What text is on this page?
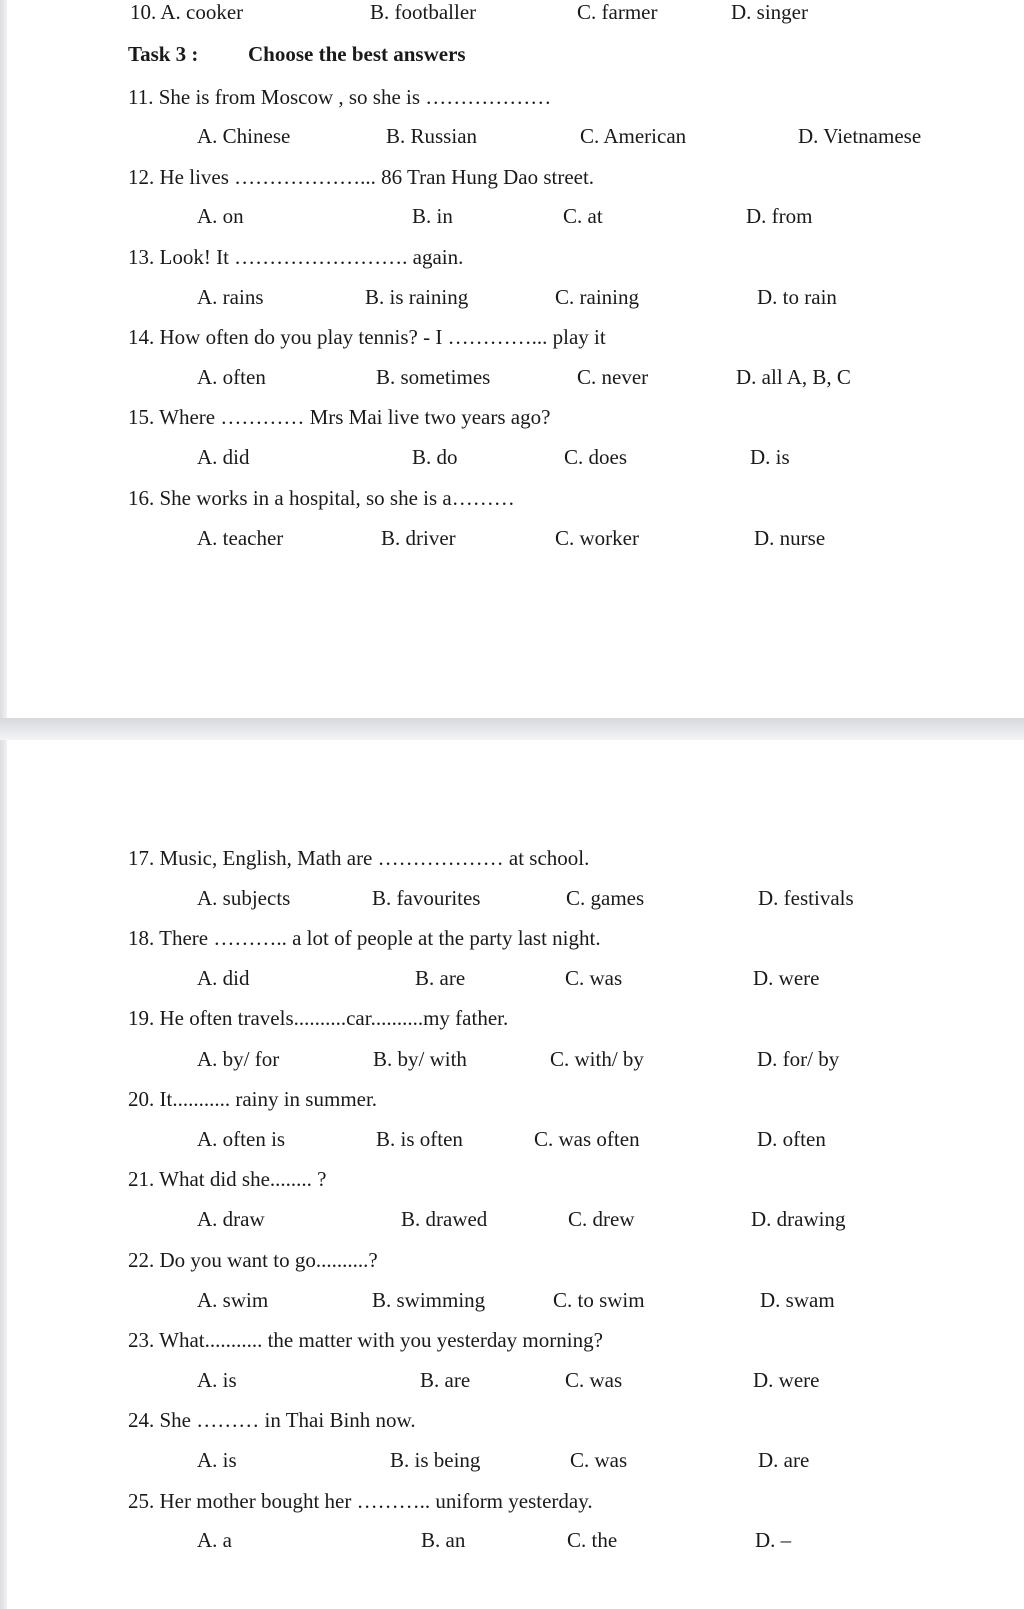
10. A. cooker	B. footballer	C. farmer	D. singer
Task 3 : Choose the best answers
11. She is from Moscow , so she is ………………
A. Chinese	B. Russian	C. American	D. Vietnamese
12. He lives ………………... 86 Tran Hung Dao street.
A. on	B. in	C. at	D. from
13. Look! It ……………………. again.
A. rains	B. is raining	C. raining	D. to rain
14. How often do you play tennis? - I …………... play it
A. often	B. sometimes	C. never	D. all A, B, C
15. Where ………… Mrs Mai live two years ago?
A. did	B. do	C. does	D. is
16. She works in a hospital, so she is a………
A. teacher	B. driver	C. worker	D. nurse
17. Music, English, Math are ……………… at school.
A. subjects	B. favourites	C. games	D. festivals
18. There ……….. a lot of people at the party last night.
A. did	B. are	C. was	D. were
19. He often travels..........car..........my father.
A. by/ for	B. by/ with	C. with/ by	D. for/ by
20. It........... rainy in summer.
A. often is	B. is often	C. was often	D. often
21. What did she........ ?
A. draw	B. drawed	C. drew	D. drawing
22. Do you want to go..........?
A. swim	B. swimming	C. to swim	D. swam
23. What........... the matter with you yesterday morning?
A. is	B. are	C. was	D. were
24. She ……… in Thai Binh now.
A. is	B. is being	C. was	D. are
25. Her mother bought her ……….. uniform yesterday.
A. a	B. an	C. the	D. –
